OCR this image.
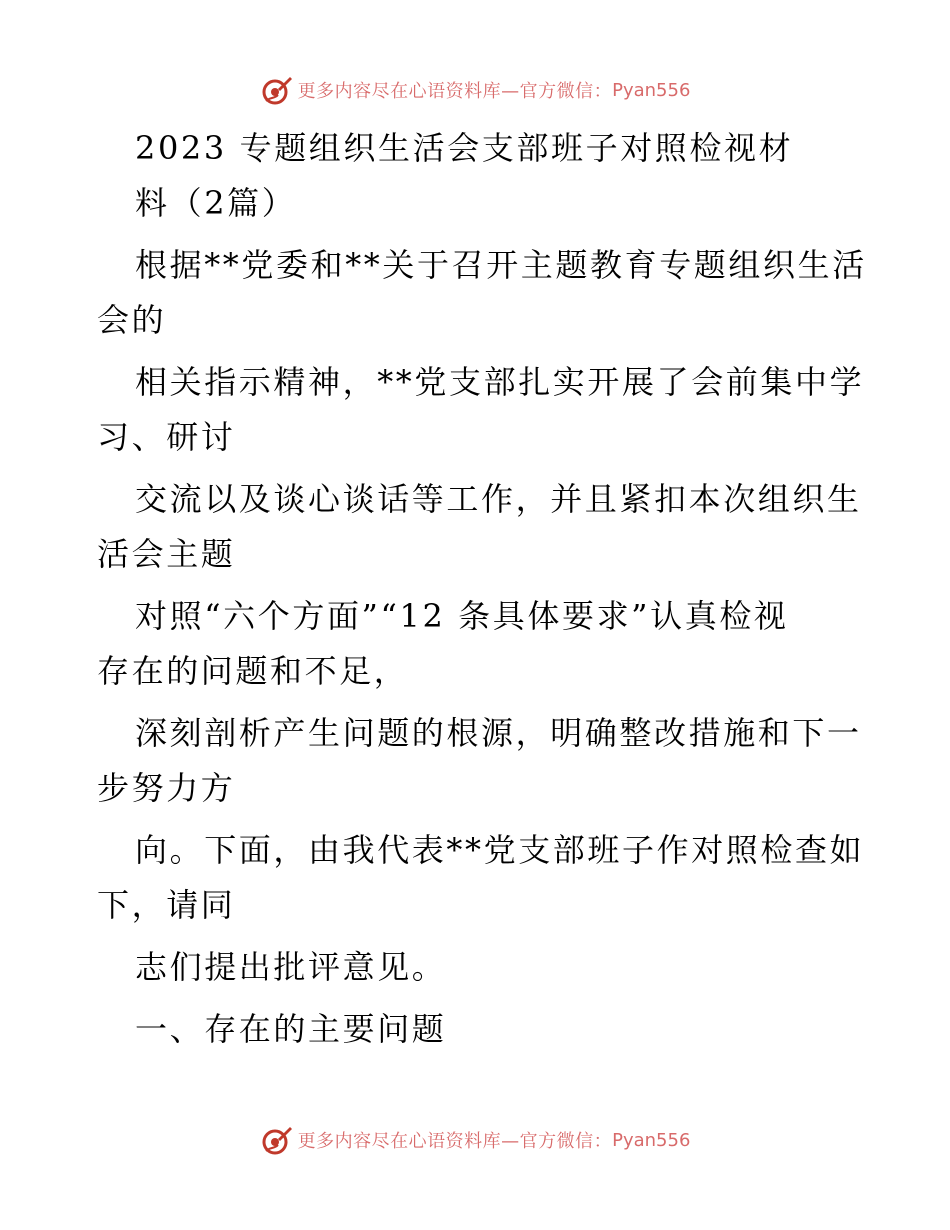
更多内容尽在心语资料库—官方微信： Pyan556
2023 专题组织生活会支部班子对照检视材
料（2篇）
根据**党委和**关于召开主题教育专题组织生活
会的
相关指示精神，**党支部扎实开展了会前集中学
习、研讨
交流以及谈心谈话等工作，并且紧扣本次组织生
活会主题
对照“六个方面”“12 条具体要求”认真检视
存在的问题和不足，
深刻剖析产生问题的根源，明确整改措施和下一
步努力方
向。下面，由我代表**党支部班子作对照检查如
下，请同
志们提出批评意见。
一、存在的主要问题
更多内容尽在心语资料库—官方微信： Pyan556
